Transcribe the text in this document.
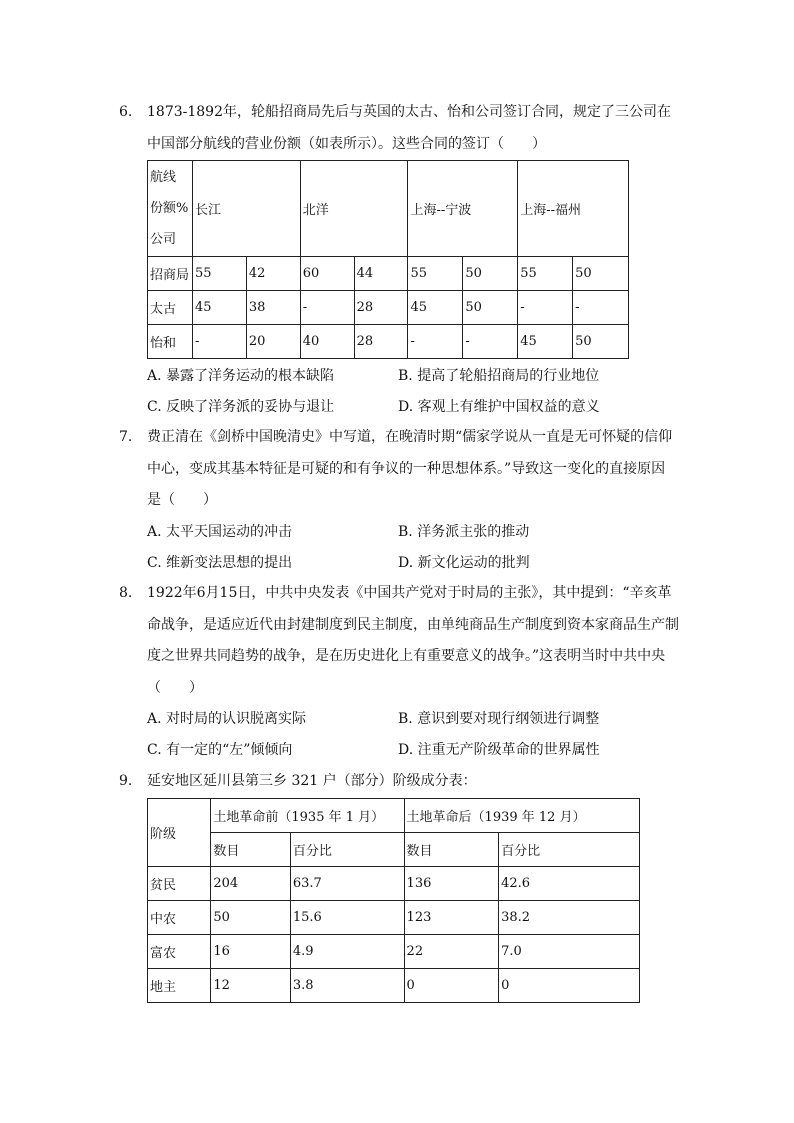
6.	1873-1892年，轮船招商局先后与英国的太古、怡和公司签订合同，规定了三公司在中国部分航线的营业份额（如表所示）。这些合同的签订（　　）
航线
份额%
公司	长江		北洋		上海--宁波		上海--福州	
招商局	55	42	60	44	55	50	55	50
太古	45	38	-	28	45	50	-	-
怡和	-	20	40	28	-	-	45	50
A. 暴露了洋务运动的根本缺陷	B. 提高了轮船招商局的行业地位
C. 反映了洋务派的妥协与退让	D. 客观上有维护中国权益的意义
7.	费正清在《剑桥中国晚清史》中写道，在晚清时期“儒家学说从一直是无可怀疑的信仰中心，变成其基本特征是可疑的和有争议的一种思想体系。”导致这一变化的直接原因是（　　）
A. 太平天国运动的冲击	B. 洋务派主张的推动
C. 维新变法思想的提出	D. 新文化运动的批判
8.	1922年6月15日，中共中央发表《中国共产党对于时局的主张》，其中提到：“辛亥革命战争，是适应近代由封建制度到民主制度，由单纯商品生产制度到资本家商品生产制度之世界共同趋势的战争，是在历史进化上有重要意义的战争。”这表明当时中共中央（　　）
A. 对时局的认识脱离实际	B. 意识到要对现行纲领进行调整
C. 有一定的“左”倾倾向	D. 注重无产阶级革命的世界属性
9.	延安地区延川县第三乡 321 户（部分）阶级成分表：
阶级	土地革命前（1935 年 1 月）		土地革命后（1939 年 12 月）	
	数目	百分比	数目	百分比
贫民	204	63.7	136	42.6
中农	50	15.6	123	38.2
富农	16	4.9	22	7.0
地主	12	3.8	0	0
